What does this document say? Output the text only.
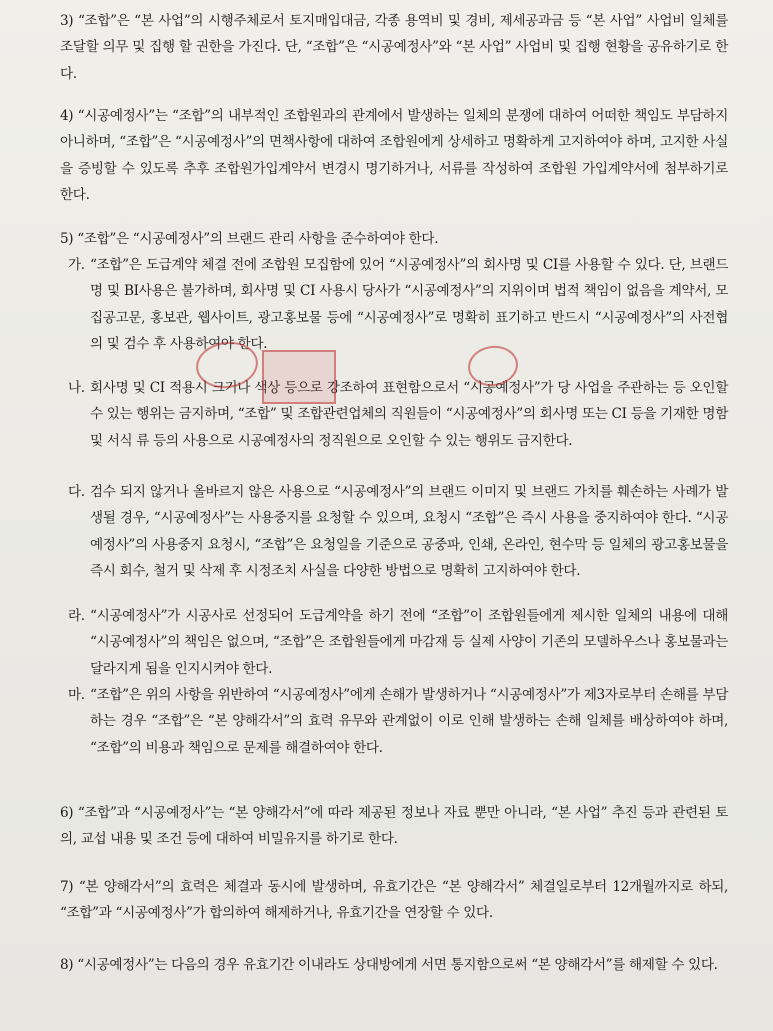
3) “조합”은 “본 사업”의 시행주체로서 토지매입대금, 각종 용역비 및 경비, 제세공과금 등 “본 사업” 사업비 일체를 조달할 의무 및 집행 할 권한을 가진다. 단, “조합”은 “시공예정사”와 “본 사업” 사업비 및 집행 현황을 공유하기로 한다.
4) “시공예정사”는 “조합”의 내부적인 조합원과의 관계에서 발생하는 일체의 분쟁에 대하여 어떠한 책임도 부담하지 아니하며, “조합”은 “시공예정사”의 면책사항에 대하여 조합원에게 상세하고 명확하게 고지하여야 하며, 고지한 사실을 증빙할 수 있도록 추후 조합원가입계약서 변경시 명기하거나, 서류를 작성하여 조합원 가입계약서에 첨부하기로 한다.
5) “조합”은 “시공예정사”의 브랜드 관리 사항을 준수하여야 한다.
가. “조합”은 도급계약 체결 전에 조합원 모집함에 있어 “시공예정사”의 회사명 및 CI를 사용할 수 있다. 단, 브랜드명 및 BI사용은 불가하며, 회사명 및 CI 사용시 당사가 “시공예정사”의 지위이며 법적 책임이 없음을 계약서, 모집공고문, 홍보관, 웹사이트, 광고홍보물 등에 “시공예정사”로 명확히 표기하고 반드시 “시공예정사”의 사전협의 및 검수 후 사용하여야 한다.
나. 회사명 및 CI 적용시 크기나 색상 등으로 강조하여 표현함으로서 “시공예정사”가 당 사업을 주관하는 등 오인할 수 있는 행위는 금지하며, “조합” 및 조합관련업체의 직원들이 “시공예정사”의 회사명 또는 CI 등을 기재한 명함 및 서식 류 등의 사용으로 시공예정사의 정직원으로 오인할 수 있는 행위도 금지한다.
다. 검수 되지 않거나 올바르지 않은 사용으로 “시공예정사”의 브랜드 이미지 및 브랜드 가치를 훼손하는 사례가 발생될 경우, “시공예정사”는 사용중지를 요청할 수 있으며, 요청시 “조합”은 즉시 사용을 중지하여야 한다. “시공예정사”의 사용중지 요청시, “조합”은 요청일을 기준으로 공중파, 인쇄, 온라인, 현수막 등 일체의 광고홍보물을 즉시 회수, 철거 및 삭제 후 시정조치 사실을 다양한 방법으로 명확히 고지하여야 한다.
라. “시공예정사”가 시공사로 선정되어 도급계약을 하기 전에 “조합”이 조합원들에게 제시한 일체의 내용에 대해 “시공예정사”의 책임은 없으며, “조합”은 조합원들에게 마감재 등 실제 사양이 기존의 모델하우스나 홍보물과는 달라지게 됨을 인지시켜야 한다.
마. “조합”은 위의 사항을 위반하여 “시공예정사”에게 손해가 발생하거나 “시공예정사”가 제3자로부터 손해를 부담하는 경우 “조합”은 “본 양해각서”의 효력 유무와 관계없이 이로 인해 발생하는 손해 일체를 배상하여야 하며, “조합”의 비용과 책임으로 문제를 해결하여야 한다.
6) “조합”과 “시공예정사”는 “본 양해각서”에 따라 제공된 정보나 자료 뿐만 아니라, “본 사업” 추진 등과 관련된 토의, 교섭 내용 및 조건 등에 대하여 비밀유지를 하기로 한다.
7) “본 양해각서”의 효력은 체결과 동시에 발생하며, 유효기간은 “본 양해각서” 체결일로부터 12개월까지로 하되, “조합”과 “시공예정사”가 합의하여 해제하거나, 유효기간을 연장할 수 있다.
8) “시공예정사”는 다음의 경우 유효기간 이내라도 상대방에게 서면 통지함으로써 “본 양해각서”를 해제할 수 있다.
